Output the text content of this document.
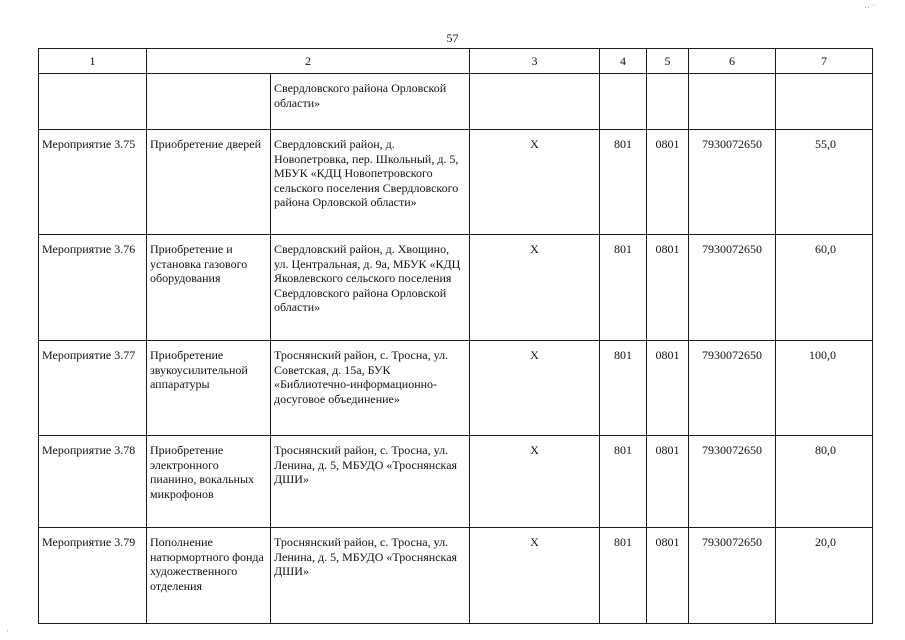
57
1	2		3	4	5	6	7
		Свердловского района Орловской области»					
Мероприятие 3.75	Приобретение дверей	Свердловский район, д. Новопетровка, пер. Школьный, д. 5, МБУК «КДЦ Новопетровского сельского поселения Свердловского района Орловской области»	Х	801	0801	7930072650	55,0
Мероприятие 3.76	Приобретение и установка газового оборудования	Свердловский район, д. Хвощино, ул. Центральная, д. 9а, МБУК «КДЦ Яковлевского сельского поселения Свердловского района Орловской области»	Х	801	0801	7930072650	60,0
Мероприятие 3.77	Приобретение звукоусилительной аппаратуры	Троснянский район, с. Тросна, ул. Советская, д. 15а, БУК «Библиотечно-информационно-досуговое объединение»	Х	801	0801	7930072650	100,0
Мероприятие 3.78	Приобретение электронного пианино, вокальных микрофонов	Троснянский район, с. Тросна, ул. Ленина, д. 5, МБУДО «Троснянская ДШИ»	Х	801	0801	7930072650	80,0
Мероприятие 3.79	Пополнение натюрмортного фонда художественного отделения	Троснянский район, с. Тросна, ул. Ленина, д. 5, МБУДО «Троснянская ДШИ»	Х	801	0801	7930072650	20,0
‥ ·
·
